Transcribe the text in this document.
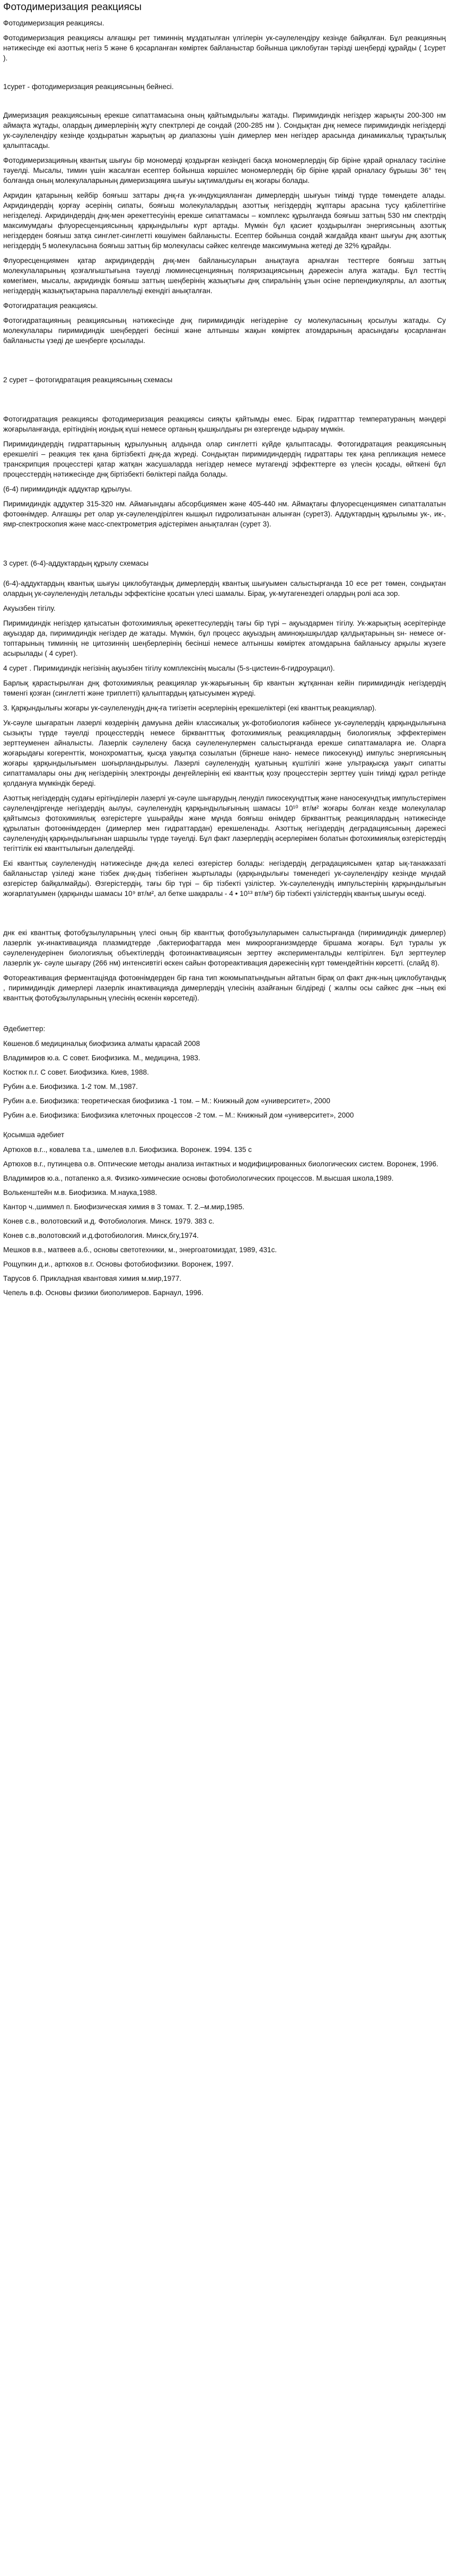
Фотодимеризация реакциясы

Фотодимеризация реакциясы.

Фотодимеризация реакциясы алғашқы рет тиминнің мұздатылған үлгілерін ук-сәулелендіру кезінде байқалған. Бұл реакцияның нәтижесінде екі азоттық негіз 5 және 6 қосарланған көміртек байланыстар бойынша циклобутан тәрізді шеңберді құрайды ( 1сурет ).

1сурет - фотодимеризация реакциясының бейнесі.

Димеризация реакциясының ерекше сипаттамасына оның қайтымдылығы жатады. Пиримидиндік негіздер жарықты 200-300 нм аймақта жұтады, олардың димерлерінің жұту спектрлері де сондай (200-285 нм ). Сондықтан днқ немесе пиримидиндік негіздерді ук-сәулелендіру кезінде қоздыратын жарықтың әр диапазоны үшін димерлер мен негіздер арасында динамикалық тұрақтылық қалыптасады.

Фотодимеризацияның квантық шығуы бір мономерді қоздырған кезіндегі басқа мономерлердің бір біріне қарай орналасу тәсіліне тәуелді. Мысалы, тимин үшін жасалған есептер бойынша көршілес мономерлердің бір біріне қарай орналасу бұрышы 36° тең болғанда оның молекулаларының димеризацияға шығуы ықтималдығы ең жоғары болады.

Акридин қатарының кейбір бояғыш заттары днқ-ға ук-индукцияланған димерлердің шығуын тиімді түрде төмендете алады. Акридиндердің қорғау әсерінің сипаты, бояғыш молекулалардың азоттық негіздердің жұптары арасына тусу қабілеттігіне негізделеді. Акридиндердің днқ-мен әрекеттесуінің ерекше сипаттамасы – комплекс құрылғанда бояғыш заттың 530 нм спектрдің максимумдағы флуоресценциясының қарқындылығы күрт артады. Мүмкін бұл қасиет қоздырылған энергиясының азоттық негіздерден бояғыш затқа синглет-синглетті көшуімен байланысты. Есептер бойынша сондай жағдайда квант шығуы днқ азоттық негіздердің 5 молекуласына бояғыш заттың бір молекуласы сәйкес келгенде максимумына жетеді де 32% құрайды.

Флуоресценциямен қатар акридиндердің днқ-мен байланысуларын анықтауға арналған тесттерге бояғыш заттың молекулаларының қозғалғыштығына тәуелді люминесценцияның поляризациясының дәрежесін алуға жатады. Бұл тесттің көмегімен, мысалы, акридиндік бояғыш заттың шеңберінің жазықтығы днқ спиральінің ұзын осіне перпендикулярлы, ал азоттық негіздердің жазықтықтарына параллельді екендігі анықталған.

Фотогидратация реакциясы.

Фотогидратацияның реакциясының нәтижесінде днқ пиримидиндік негіздеріне су молекуласының қосылуы жатады. Су молекулалары пиримидиндік шеңбердегі бесінші және алтыншы жақын көміртек атомдарының арасындағы қосарланған байланысты үзеді де шеңберге қосылады.

2 сурет – фотогидратация реакциясының схемасы

Фотогидратация реакциясы фотодимеризация реакциясы сияқты қайтымды емес. Бірақ гидратттар температураның мәндері жоғарыланғанда, ерітіндінің иондық күші немесе ортаның қышқылдығы рн өзгергенде ыдырау мүмкін.

Пиримидиндердің гидраттарының құрылуының алдында олар синглетті күйде қалыптасады. Фотогидратация реакциясының ерекшелігі – реакция тек қана біртізбекті днқ-да жүреді. Сондықтан пиримидиндердің гидраттары тек қана репликация немесе транскрипция процесстері қатар жатқан жасушаларда негіздер немесе мутагенді эффекттерге өз үлесін қосады, өйткені бұл процесстердің нәтижесінде днқ біртізбекті бөліктері пайда болады.

(6-4) пиримидиндік аддуктар құрылуы.

Пиримидиндік аддуктер 315-320 нм. Аймағындағы абсорбциямен және 405-440 нм. Аймақтағы флуоресценциямен сипатталатын фотоөнімдер. Алғашқы рет олар ук-сәулелендірілген кышқыл гидролизатынан алынған (сурет3). Аддуктардың құрылымы ук-, ик-, ямр-спектроскопия және масс-спектрометрия әдістерімен анықталған (сурет 3).

3 сурет. (6-4)-аддуктардың құрылу схемасы

(6-4)-аддуктардың квантық шығуы циклобутандық димерлердің квантық шығуымен салыстырғанда 10 есе рет төмен, сондықтан олардың ук-сәулеленудің летальды эффектісіне қосатын үлесі шамалы. Бірақ, ук-мутагенездегі олардың ролі аса зор.

Акуызбен тігілу.

Пиримидиндік негіздер қатысатын фотохимиялық әрекеттесулердің тағы бір түрі – ақуыздармен тігілу. Ук-жарықтың әсерітерінде ақуыздар да, пиримидиндік негіздер де жатады. Мүмкін, бұл процесс ақуыздың аминоқышқылдар қалдықтарының sн- немесе оғ-топтарының тиминнің не цитозиннің шеңберлерінің бесінші немесе алтыншы көміртек атомдарына байланысу арқылы жүзеге асырылады ( 4 сурет).

4 сурет . Пиримидиндік негізінің ақуызбен тігілу комплексінің мысалы (5-s-цистеин-6-гидроурацил).

Барлық қарастырылған днқ фотохимиялық реакциялар ук-жарығының бір квантын жұтқаннан кейін пиримидиндік негіздердің төменгі қозған (синглетті және триплетті) қалыптардың қатысуымен жүреді.

3. Қарқындылығы жоғары ук-сәулеленудің днқ-ға тигізетін әсерлерінің ерекшеліктері (екі кванттық реакциялар).

Ук-сәуле шығаратын лазерлі көздерінің дамуына дейін классикалық ук-фотобиология кәбінесе ук-сәулелердің қарқындылығына сызықты түрде тәуелді процесстердің немесе бірквантттық фотохимиялық реакциялардың биологиялық эффектерімен зерттеуменен айналысты. Лазерлік сәулелену басқа сәулеленулермен салыстырғанда ерекше сипаттамаларға ие. Оларға жоғарыдағы когеренттік, монохроматтық, қысқа уақытқа созылатын (бірнеше нано- немесе пикосекунд) импульс энергиясының жоғары қарқындылығымен шоғырландырылуы. Лазерлі сәулеленудің қуатының күштілігі және ультрақысқа уақыт сипатты сипаттамалары оны днқ негіздерінің электронды деңгейлерінің екі кванттық қозу процесстерін зерттеу үшін тиімді құрал ретінде қолдануға мүмкіндік береді.

Азоттық негіздердің судағы ерітінділерін лазерлі ук-сәуле шығарудың ленуділ пикосекундттық және наносекундтық импульстерімен сәулелендіргенде негіздердің аылуы, сәулеленудің қарқындылығының шамасы 10¹⁰ вт/м² жоғары болған кезде молекулалар қайтымсыз фотохимиялық өзгерістерге ұшырайды және мұнда бояғыш өнімдер біркванттық реакциялардың нәтижесінде құрылатын фотоөнімдерден (димерлер мен гидраттардан) ерекшеленады. Азоттық негіздердің деградациясының дәрежесі сәулеленудің қарқындылығынан шаршылы түрде тәуелді. Бұл факт лазерлердің әсерлерімен болатын фотохимиялық өзгерістердің тегіттілік екі кванттылығын дәлелдейді.

Екі кванттық сәулеленудің нәтижесінде днқ-да келесі өзгерістер болады: негіздердің деградациясымен қатар ық-танажазаті байланыстар үзіледі және тізбек днқ-дың тізбегінен жыртылады (қарқындылығы төменедегі ук-сәулелендіру кезінде мұндай өзгерістер байқалмайды). Өзгерістердің, тағы бір түрі – бір тізбекті үзілістер. Ук-сәулеленудің импульстерінің қарқындылығын жоғарлатуымен (қарқынды шамасы 10⁹ вт/м², ал бетке шақаралы - 4 • 10¹³ вт/м²) бір тізбекті үзілістердің квантық шығуы өседі.

днк екі кванттық фотобұзылуларының үлесі оның бір кванттық фотобұзылуларымен салыстырғанда (пиримидиндік димерлер) лазерлік ук-инактивацияда плазмидтерде ,бактериофагтарда мен микроорганизмдерде біршама жоғары. Бұл туралы ук сәулеленудерінен биологиялық объектілердің фотоинактивациясын зерттеу әкспериментальды келтірілген. Бұл зерттеулер лазерлік ук- сәуле шығару (266 нм) интенсивтігі өскен сайын фотореактивация дәрежесінің күрт төмендейтінін көрсетті. (слайд 8).

Фотореактивация ферментаціяда фотоөнімдерден бір ғана тип жоюмыпатындығын айтатын бірақ ол факт днк-ның циклобутандық , пиримидиндік димерлері лазерлік инактивацияда димерлердің үлесінің азайғанын білдіреді ( жалпы осы сайкес днк –ның екі кванттық фотобұзылуларының үлесінің өскенін көрсетеді).

Әдебиеттер:

Көшенов.б медициналық биофизика алматы қарасай 2008

Владимиров ю.а. С совет. Биофизика. М., медицина, 1983.

Костюк п.г. С совет. Биофизика. Киев, 1988.

Рубин а.е. Биофизика. 1-2 том. М.,1987.

Рубин а.е. Биофизика: теоретическая биофизика -1 том. – М.: Книжный дом «университет», 2000

Рубин а.е. Биофизика: Биофизика клеточных процессов -2 том. – М.: Книжный дом «университет», 2000

Қосымша әдебиет

Артюхов в.г.., ковалева т.а., шмелев в.п. Биофизика. Воронеж. 1994. 135 с

Артюхов в.г., путинцева о.в. Оптические методы анализа интактных и модифицированных биологических систем. Воронеж, 1996.

Владимиров ю.а., потапенко а.я. Физико-химические основы фотобиологических процессов. М.высшая школа,1989.

Волькенштейн м.в. Биофизика. М.наука,1988.

Кантор ч.,шиммел п. Биофизическая химия в 3 томах. Т. 2.–м.мир,1985.

Конев с.в., волотовский и.д. Фотобиология. Минск. 1979. 383 с.

Конев с.в.,волотовский и.д.фотобиология. Минск,бгу,1974.

Мешков в.в., матвеев а.б., основы светотехники, м., энергоатомиздат, 1989, 431с.

Рощупкин д.и., артюхов в.г. Основы фотобиофизики. Воронеж, 1997.

Тарусов б. Прикладная квантовая химия м.мир,1977.

Чепель в.ф. Основы физики биополимеров. Барнаул, 1996.
